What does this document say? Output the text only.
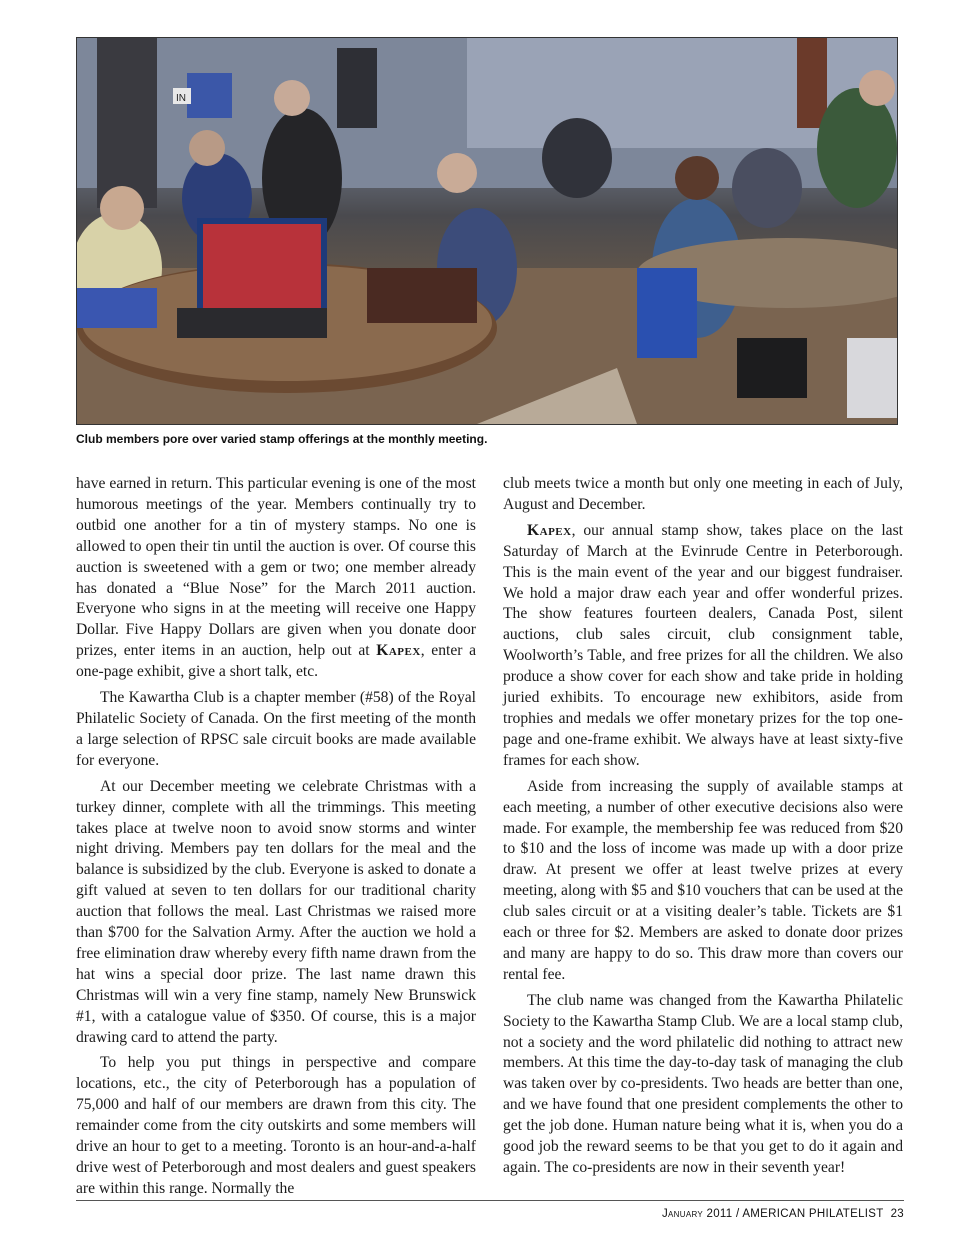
IN
Club members pore over varied stamp offerings at the monthly meeting.

have earned in return. This particular evening is one of the most humorous meetings of the year. Members continually try to outbid one another for a tin of mystery stamps. No one is allowed to open their tin until the auction is over. Of course this auction is sweetened with a gem or two; one member already has donated a “Blue Nose” for the March 2011 auction. Everyone who signs in at the meeting will receive one Happy Dollar. Five Happy Dollars are given when you donate door prizes, enter items in an auction, help out at Kapex, enter a one-page exhibit, give a short talk, etc.

The Kawartha Club is a chapter member (#58) of the Royal Philatelic Society of Canada. On the first meeting of the month a large selection of RPSC sale circuit books are made available for everyone.

At our December meeting we celebrate Christmas with a turkey dinner, complete with all the trimmings. This meeting takes place at twelve noon to avoid snow storms and winter night driving. Members pay ten dollars for the meal and the balance is subsidized by the club. Everyone is asked to donate a gift valued at seven to ten dollars for our traditional charity auction that follows the meal. Last Christmas we raised more than $700 for the Salvation Army. After the auction we hold a free elimination draw whereby every fifth name drawn from the hat wins a special door prize. The last name drawn this Christmas will win a very fine stamp, namely New Brunswick #1, with a catalogue value of $350. Of course, this is a major drawing card to attend the party.

To help you put things in perspective and compare locations, etc., the city of Peterborough has a population of 75,000 and half of our members are drawn from this city. The remainder come from the city outskirts and some members will drive an hour to get to a meeting. Toronto is an hour-and-a-half drive west of Peterborough and most dealers and guest speakers are within this range. Normally the

club meets twice a month but only one meeting in each of July, August and December.

Kapex, our annual stamp show, takes place on the last Saturday of March at the Evinrude Centre in Peterborough. This is the main event of the year and our biggest fundraiser. We hold a major draw each year and offer wonderful prizes. The show features fourteen dealers, Canada Post, silent auctions, club sales circuit, club consignment table, Woolworth’s Table, and free prizes for all the children. We also produce a show cover for each show and take pride in holding juried exhibits. To encourage new exhibitors, aside from trophies and medals we offer monetary prizes for the top one-page and one-frame exhibit. We always have at least sixty-five frames for each show.

Aside from increasing the supply of available stamps at each meeting, a number of other executive decisions also were made. For example, the membership fee was reduced from $20 to $10 and the loss of income was made up with a door prize draw. At present we offer at least twelve prizes at every meeting, along with $5 and $10 vouchers that can be used at the club sales circuit or at a visiting dealer’s table. Tickets are $1 each or three for $2. Members are asked to donate door prizes and many are happy to do so. This draw more than covers our rental fee.

The club name was changed from the Kawartha Philatelic Society to the Kawartha Stamp Club. We are a local stamp club, not a society and the word philatelic did nothing to attract new members. At this time the day-to-day task of managing the club was taken over by co-presidents. Two heads are better than one, and we have found that one president complements the other to get the job done. Human nature being what it is, when you do a good job the reward seems to be that you get to do it again and again. The co-presidents are now in their seventh year!

January 2011 / AMERICAN PHILATELIST 23
